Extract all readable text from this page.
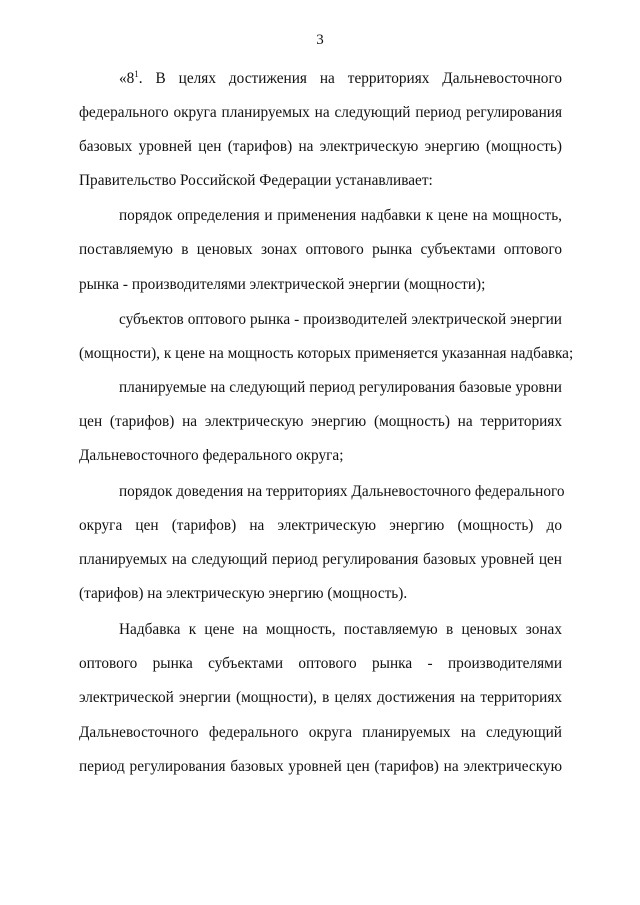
3
«$8^1$. В целях достижения на территориях Дальневосточного
федерального округа планируемых на следующий период регулирования
базовых уровней цен (тарифов) на электрическую энергию (мощность)
Правительство Российской Федерации устанавливает:
порядок определения и применения надбавки к цене на мощность,
поставляемую в ценовых зонах оптового рынка субъектами оптового
рынка - производителями электрической энергии (мощности);
субъектов оптового рынка - производителей электрической энергии
(мощности), к цене на мощность которых применяется указанная надбавка;
планируемые на следующий период регулирования базовые уровни
цен (тарифов) на электрическую энергию (мощность) на территориях
Дальневосточного федерального округа;
порядок доведения на территориях Дальневосточного федерального
округа цен (тарифов) на электрическую энергию (мощность) до
планируемых на следующий период регулирования базовых уровней цен
(тарифов) на электрическую энергию (мощность).
Надбавка к цене на мощность, поставляемую в ценовых зонах
оптового рынка субъектами оптового рынка - производителями
электрической энергии (мощности), в целях достижения на территориях
Дальневосточного федерального округа планируемых на следующий
период регулирования базовых уровней цен (тарифов) на электрическую
